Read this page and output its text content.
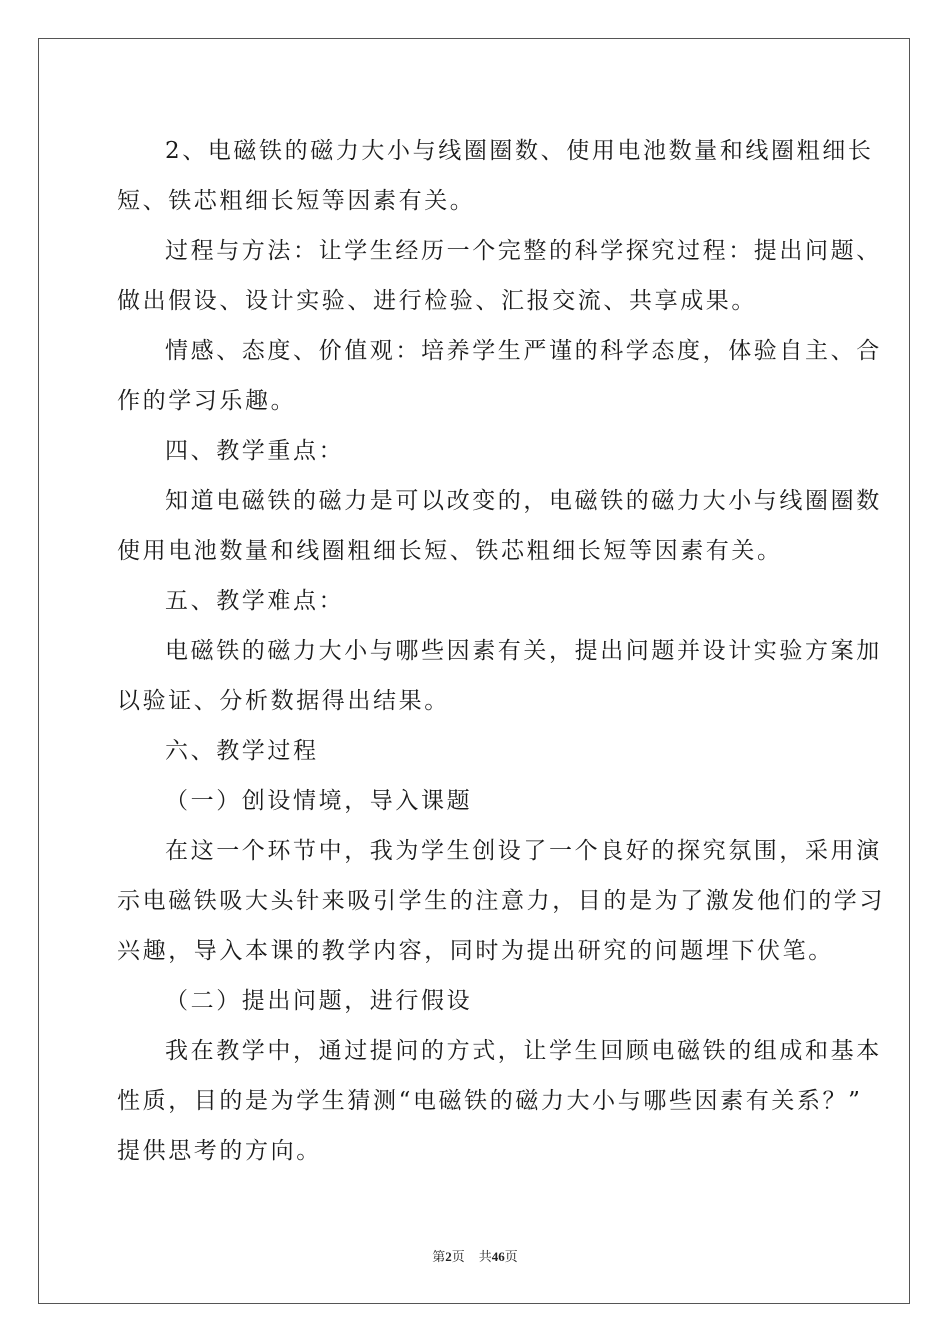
2、电磁铁的磁力大小与线圈圈数、使用电池数量和线圈粗细长
短、铁芯粗细长短等因素有关。
过程与方法：让学生经历一个完整的科学探究过程：提出问题、
做出假设、设计实验、进行检验、汇报交流、共享成果。
情感、态度、价值观：培养学生严谨的科学态度，体验自主、合
作的学习乐趣。
四、教学重点：
知道电磁铁的磁力是可以改变的，电磁铁的磁力大小与线圈圈数
使用电池数量和线圈粗细长短、铁芯粗细长短等因素有关。
五、教学难点：
电磁铁的磁力大小与哪些因素有关，提出问题并设计实验方案加
以验证、分析数据得出结果。
六、教学过程
（一）创设情境，导入课题
在这一个环节中，我为学生创设了一个良好的探究氛围，采用演
示电磁铁吸大头针来吸引学生的注意力，目的是为了激发他们的学习
兴趣，导入本课的教学内容，同时为提出研究的问题埋下伏笔。
（二）提出问题，进行假设
我在教学中，通过提问的方式，让学生回顾电磁铁的组成和基本
性质，目的是为学生猜测“电磁铁的磁力大小与哪些因素有关系？”
提供思考的方向。
第2页 共46页
